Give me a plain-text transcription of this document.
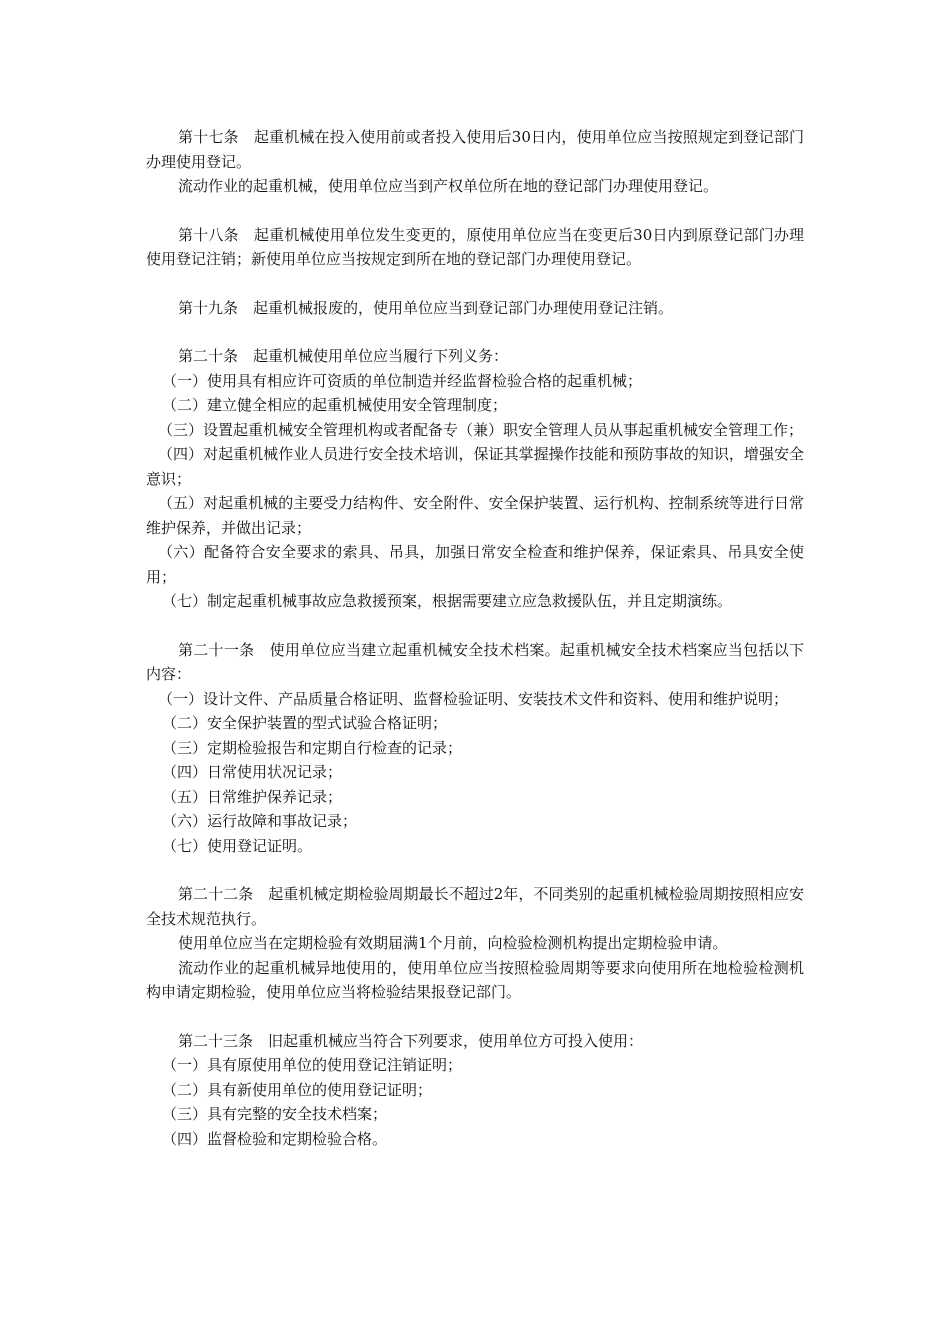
第十七条　起重机械在投入使用前或者投入使用后30日内，使用单位应当按照规定到登记部门办理使用登记。

流动作业的起重机械，使用单位应当到产权单位所在地的登记部门办理使用登记。

第十八条　起重机械使用单位发生变更的，原使用单位应当在变更后30日内到原登记部门办理使用登记注销；新使用单位应当按规定到所在地的登记部门办理使用登记。

第十九条　起重机械报废的，使用单位应当到登记部门办理使用登记注销。

第二十条　起重机械使用单位应当履行下列义务：

（一）使用具有相应许可资质的单位制造并经监督检验合格的起重机械；

（二）建立健全相应的起重机械使用安全管理制度；

（三）设置起重机械安全管理机构或者配备专（兼）职安全管理人员从事起重机械安全管理工作；

（四）对起重机械作业人员进行安全技术培训，保证其掌握操作技能和预防事故的知识，增强安全意识；

（五）对起重机械的主要受力结构件、安全附件、安全保护装置、运行机构、控制系统等进行日常维护保养，并做出记录；

（六）配备符合安全要求的索具、吊具，加强日常安全检查和维护保养，保证索具、吊具安全使用；

（七）制定起重机械事故应急救援预案，根据需要建立应急救援队伍，并且定期演练。

第二十一条　使用单位应当建立起重机械安全技术档案。起重机械安全技术档案应当包括以下内容：

（一）设计文件、产品质量合格证明、监督检验证明、安装技术文件和资料、使用和维护说明；

（二）安全保护装置的型式试验合格证明；

（三）定期检验报告和定期自行检查的记录；

（四）日常使用状况记录；

（五）日常维护保养记录；

（六）运行故障和事故记录；

（七）使用登记证明。

第二十二条　起重机械定期检验周期最长不超过2年，不同类别的起重机械检验周期按照相应安全技术规范执行。

使用单位应当在定期检验有效期届满1个月前，向检验检测机构提出定期检验申请。

流动作业的起重机械异地使用的，使用单位应当按照检验周期等要求向使用所在地检验检测机构申请定期检验，使用单位应当将检验结果报登记部门。

第二十三条　旧起重机械应当符合下列要求，使用单位方可投入使用：

（一）具有原使用单位的使用登记注销证明；

（二）具有新使用单位的使用登记证明；

（三）具有完整的安全技术档案；

（四）监督检验和定期检验合格。
